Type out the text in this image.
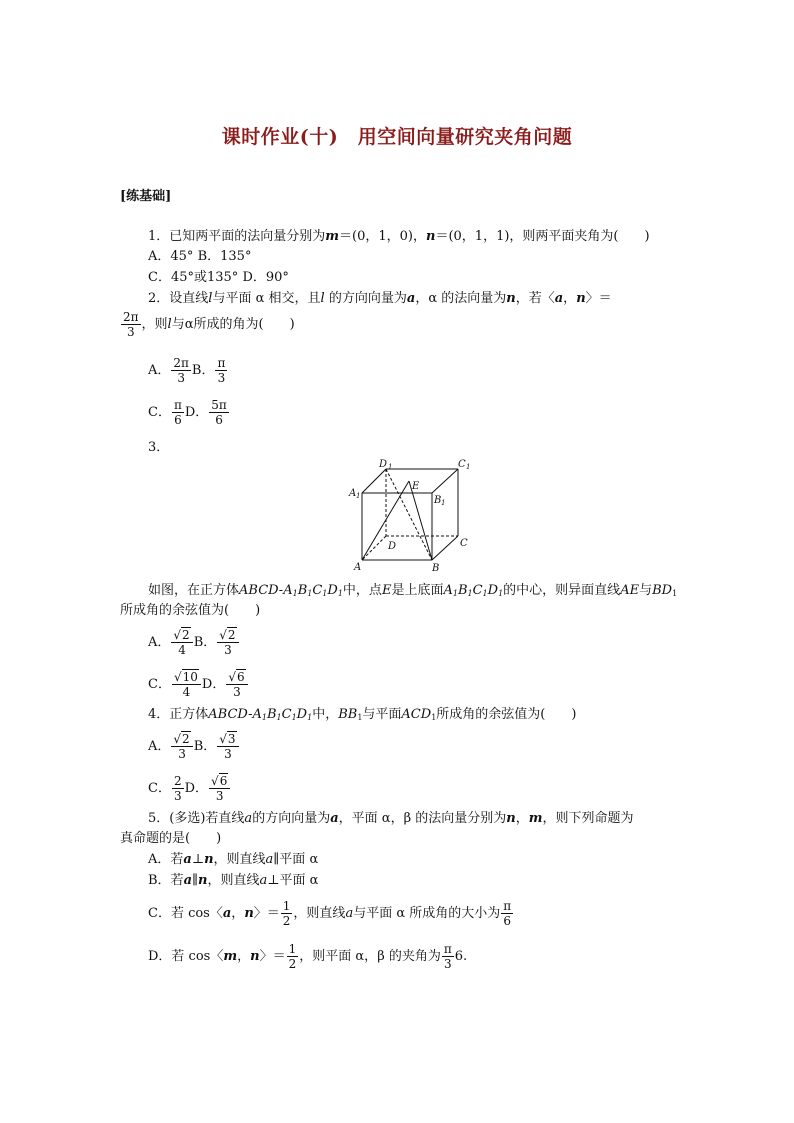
课时作业(十)　用空间向量研究夹角问题
[练基础]
1．已知两平面的法向量分别为m＝(0，1，0)，n＝(0，1，1)，则两平面夹角为(　　)
A．45° B．135°
C．45°或135° D．90°
2．设直线l与平面 α 相交，且l 的方向向量为a，α 的法向量为n，若〈a，n〉＝
$\frac{2\pi}{3}$ ，则l与α所成的角为(　　)
A． $\frac{2\pi}{3}$ B． $\frac{\pi}{3}$
C． $\frac{\pi}{6}$ D． $\frac{5\pi}{6}$
3．
D 1	C 1
A 1
E
B 1
D	C
A	B
如图，在正方体ABCD-$A_1B_1C_1D_1$中，点E是上底面$A_1B_1C_1D_1$的中心，则异面直线AE与$BD_1$
所成角的余弦值为(　　)
A． $\frac{√2}{4}$ B． $\frac{√2}{3}$
C． $\frac{√10}{4}$ D． $\frac{√6}{3}$
4．正方体ABCD-$A_1B_1C_1D_1$中，$BB_1$与平面$ACD_1$所成角的余弦值为(　　)
A． $\frac{√2}{3}$ B． $\frac{√3}{3}$
C． $\frac{2}{3}$ D． $\frac{√6}{3}$
5．(多选)若直线a的方向向量为a，平面 α，β 的法向量分别为n，m，则下列命题为
真命题的是(　　)
A．若a⊥n，则直线a∥平面 α
B．若a∥n，则直线a⊥平面 α
C．若 cos〈a，n〉＝ $\frac{1}{2}$ ，则直线a与平面 α 所成角的大小为 $\frac{\pi}{6}$
D．若 cos〈m，n〉＝ $\frac{1}{2}$ ，则平面 α，β 的夹角为 $\frac{\pi}{3} 6$.
